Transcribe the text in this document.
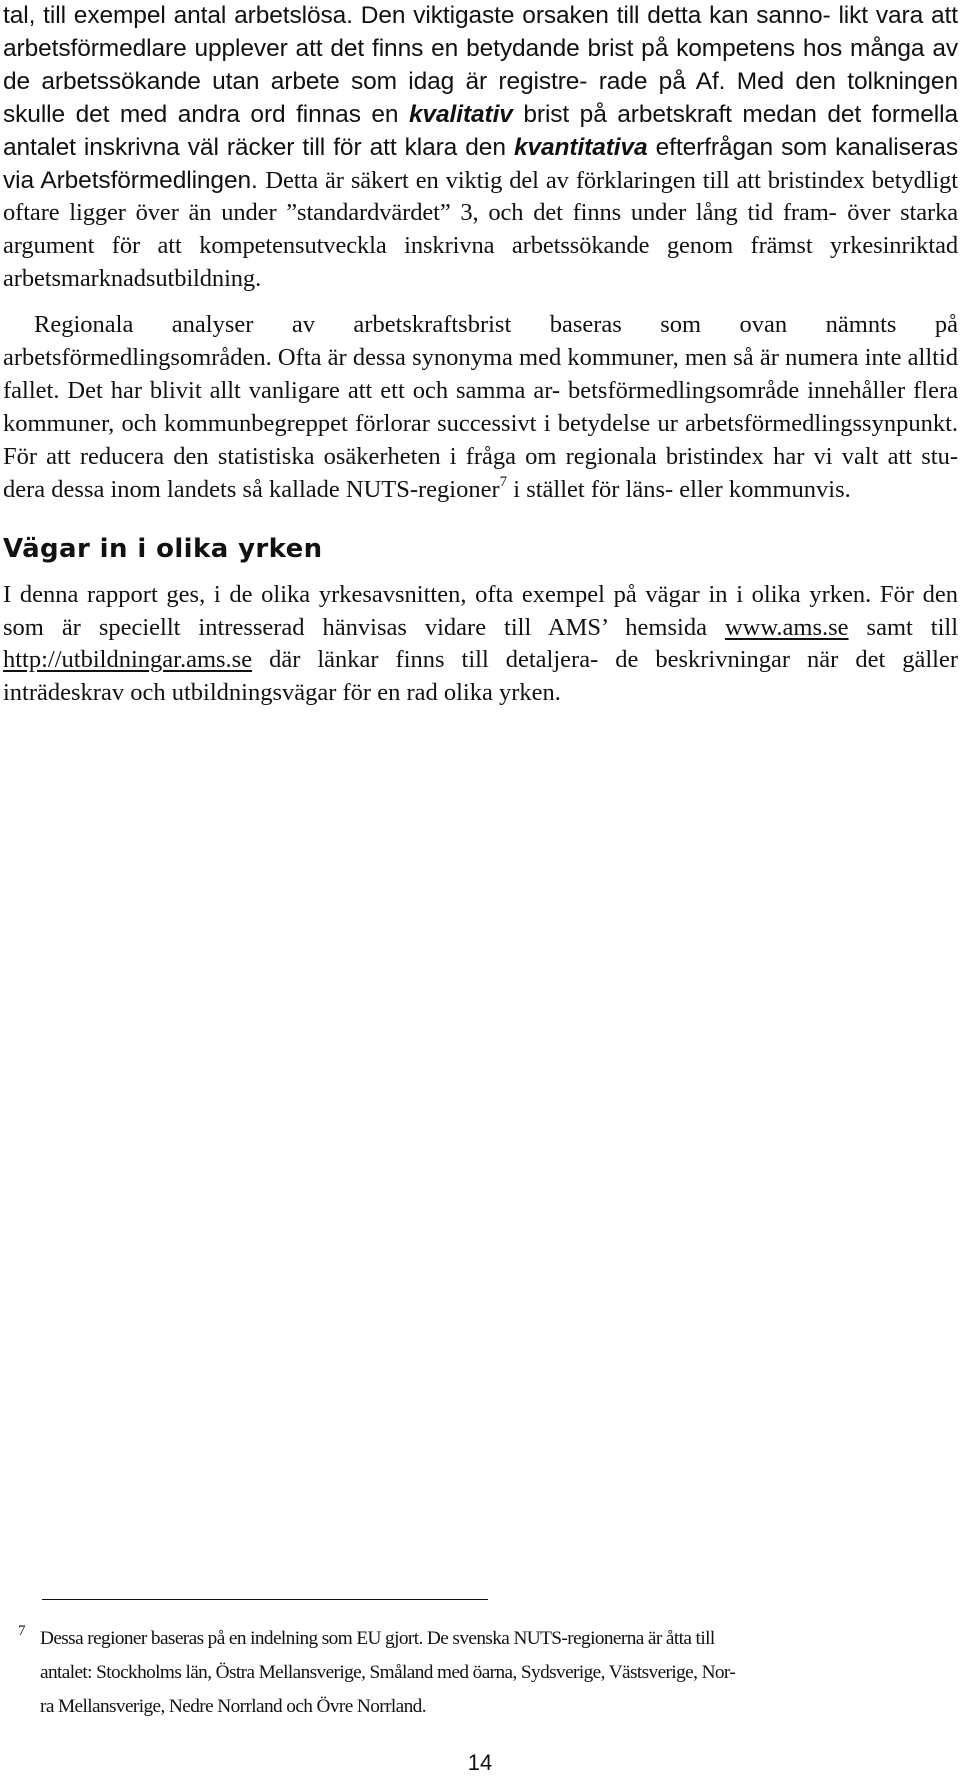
tal, till exempel antal arbetslösa. Den viktigaste orsaken till detta kan sanno- likt vara att arbetsförmedlare upplever att det finns en betydande brist på kompetens hos många av de arbetssökande utan arbete som idag är registre- rade på Af. Med den tolkningen skulle det med andra ord finnas en kvalitativ brist på arbetskraft medan det formella antalet inskrivna väl räcker till för att klara den kvantitativa efterfrågan som kanaliseras via Arbetsförmedlingen. Detta är säkert en viktig del av förklaringen till att bristindex betydligt oftare ligger över än under ”standardvärdet” 3, och det finns under lång tid fram- över starka argument för att kompetensutveckla inskrivna arbetssökande genom främst yrkesinriktad arbetsmarknadsutbildning.

Regionala analyser av arbetskraftsbrist baseras som ovan nämnts på arbetsförmedlingsområden. Ofta är dessa synonyma med kommuner, men så är numera inte alltid fallet. Det har blivit allt vanligare att ett och samma ar- betsförmedlingsområde innehåller flera kommuner, och kommunbegreppet förlorar successivt i betydelse ur arbetsförmedlingssynpunkt. För att reducera den statistiska osäkerheten i fråga om regionala bristindex har vi valt att stu- dera dessa inom landets så kallade NUTS-regioner$^7$ i stället för läns- eller kommunvis.

Vägar in i olika yrken

I denna rapport ges, i de olika yrkesavsnitten, ofta exempel på vägar in i olika yrken. För den som är speciellt intresserad hänvisas vidare till AMS’ hemsida www.ams.se samt till http://utbildningar.ams.se där länkar finns till detaljera- de beskrivningar när det gäller inträdeskrav och utbildningsvägar för en rad olika yrken.

7 Dessa regioner baseras på en indelning som EU gjort. De svenska NUTS-regionerna är åtta till
antalet: Stockholms län, Östra Mellansverige, Småland med öarna, Sydsverige, Västsverige, Nor-
ra Mellansverige, Nedre Norrland och Övre Norrland.
14
